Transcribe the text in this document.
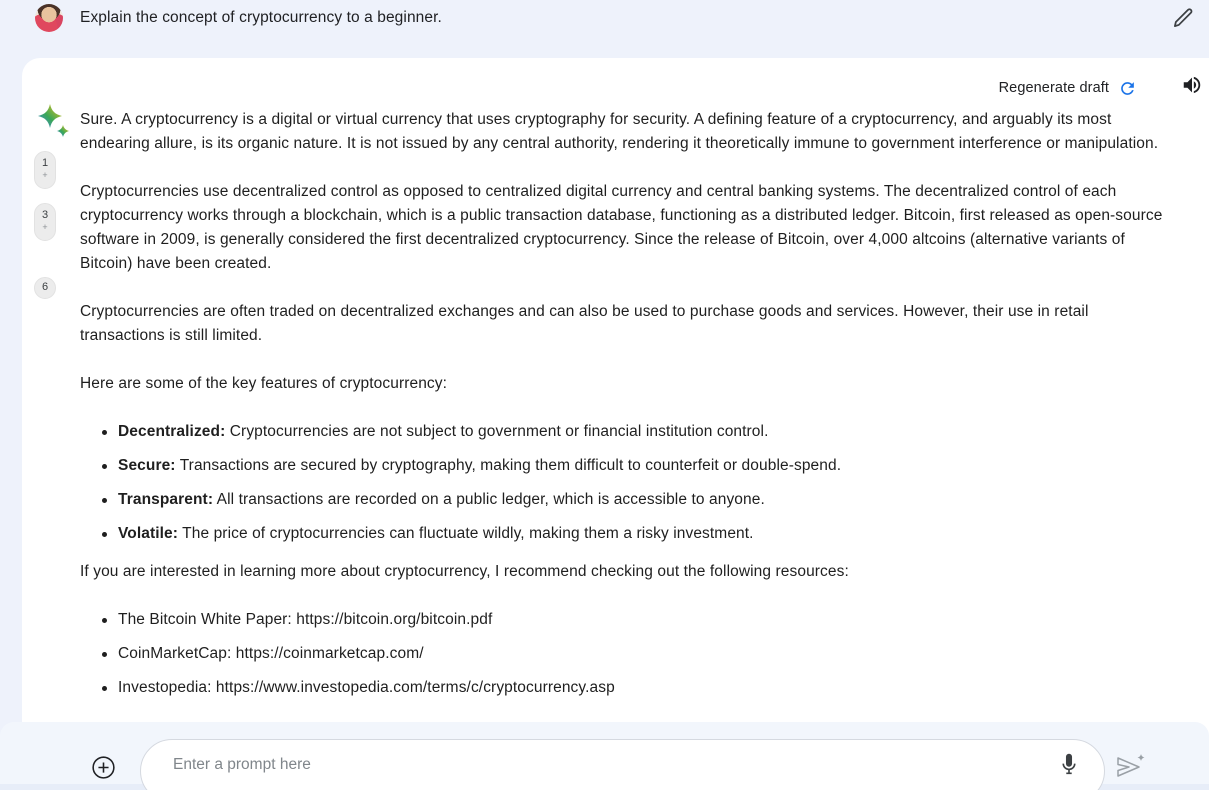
Explain the concept of cryptocurrency to a beginner.
Regenerate draft

Sure. A cryptocurrency is a digital or virtual currency that uses cryptography for security. A defining feature of a cryptocurrency, and arguably its most endearing allure, is its organic nature. It is not issued by any central authority, rendering it theoretically immune to government interference or manipulation.

Cryptocurrencies use decentralized control as opposed to centralized digital currency and central banking systems. The decentralized control of each cryptocurrency works through a blockchain, which is a public transaction database, functioning as a distributed ledger. Bitcoin, first released as open-source software in 2009, is generally considered the first decentralized cryptocurrency. Since the release of Bitcoin, over 4,000 altcoins (alternative variants of Bitcoin) have been created.

Cryptocurrencies are often traded on decentralized exchanges and can also be used to purchase goods and services. However, their use in retail transactions is still limited.

Here are some of the key features of cryptocurrency:

Decentralized: Cryptocurrencies are not subject to government or financial institution control.
Secure: Transactions are secured by cryptography, making them difficult to counterfeit or double-spend.
Transparent: All transactions are recorded on a public ledger, which is accessible to anyone.
Volatile: The price of cryptocurrencies can fluctuate wildly, making them a risky investment.

If you are interested in learning more about cryptocurrency, I recommend checking out the following resources:

The Bitcoin White Paper: https://bitcoin.org/bitcoin.pdf
CoinMarketCap: https://coinmarketcap.com/
Investopedia: https://www.investopedia.com/terms/c/cryptocurrency.asp
1
+
3
+
6
Enter a prompt here
